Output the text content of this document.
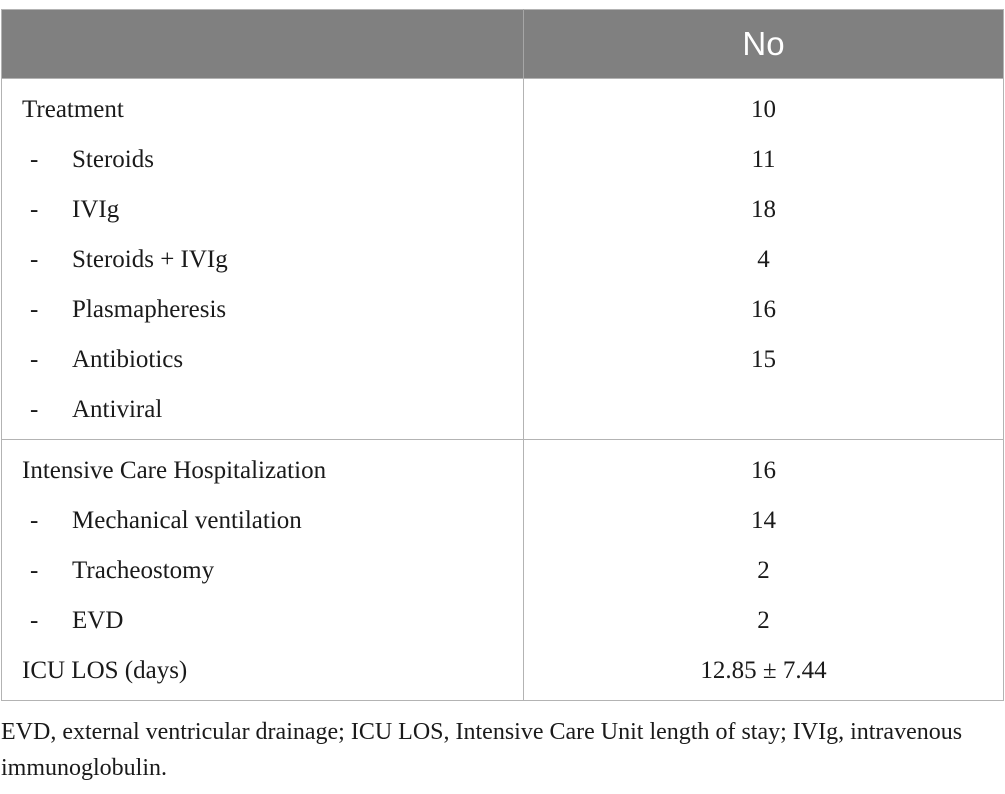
	No
Treatment	10
- Steroids	11
- IVIg	18
- Steroids + IVIg	4
- Plasmapheresis	16
- Antibiotics	15
- Antiviral	
Intensive Care Hospitalization	16
- Mechanical ventilation	14
- Tracheostomy	2
- EVD	2
ICU LOS (days)	12.85 ± 7.44
EVD, external ventricular drainage; ICU LOS, Intensive Care Unit length of stay; IVIg, intravenous immunoglobulin.
